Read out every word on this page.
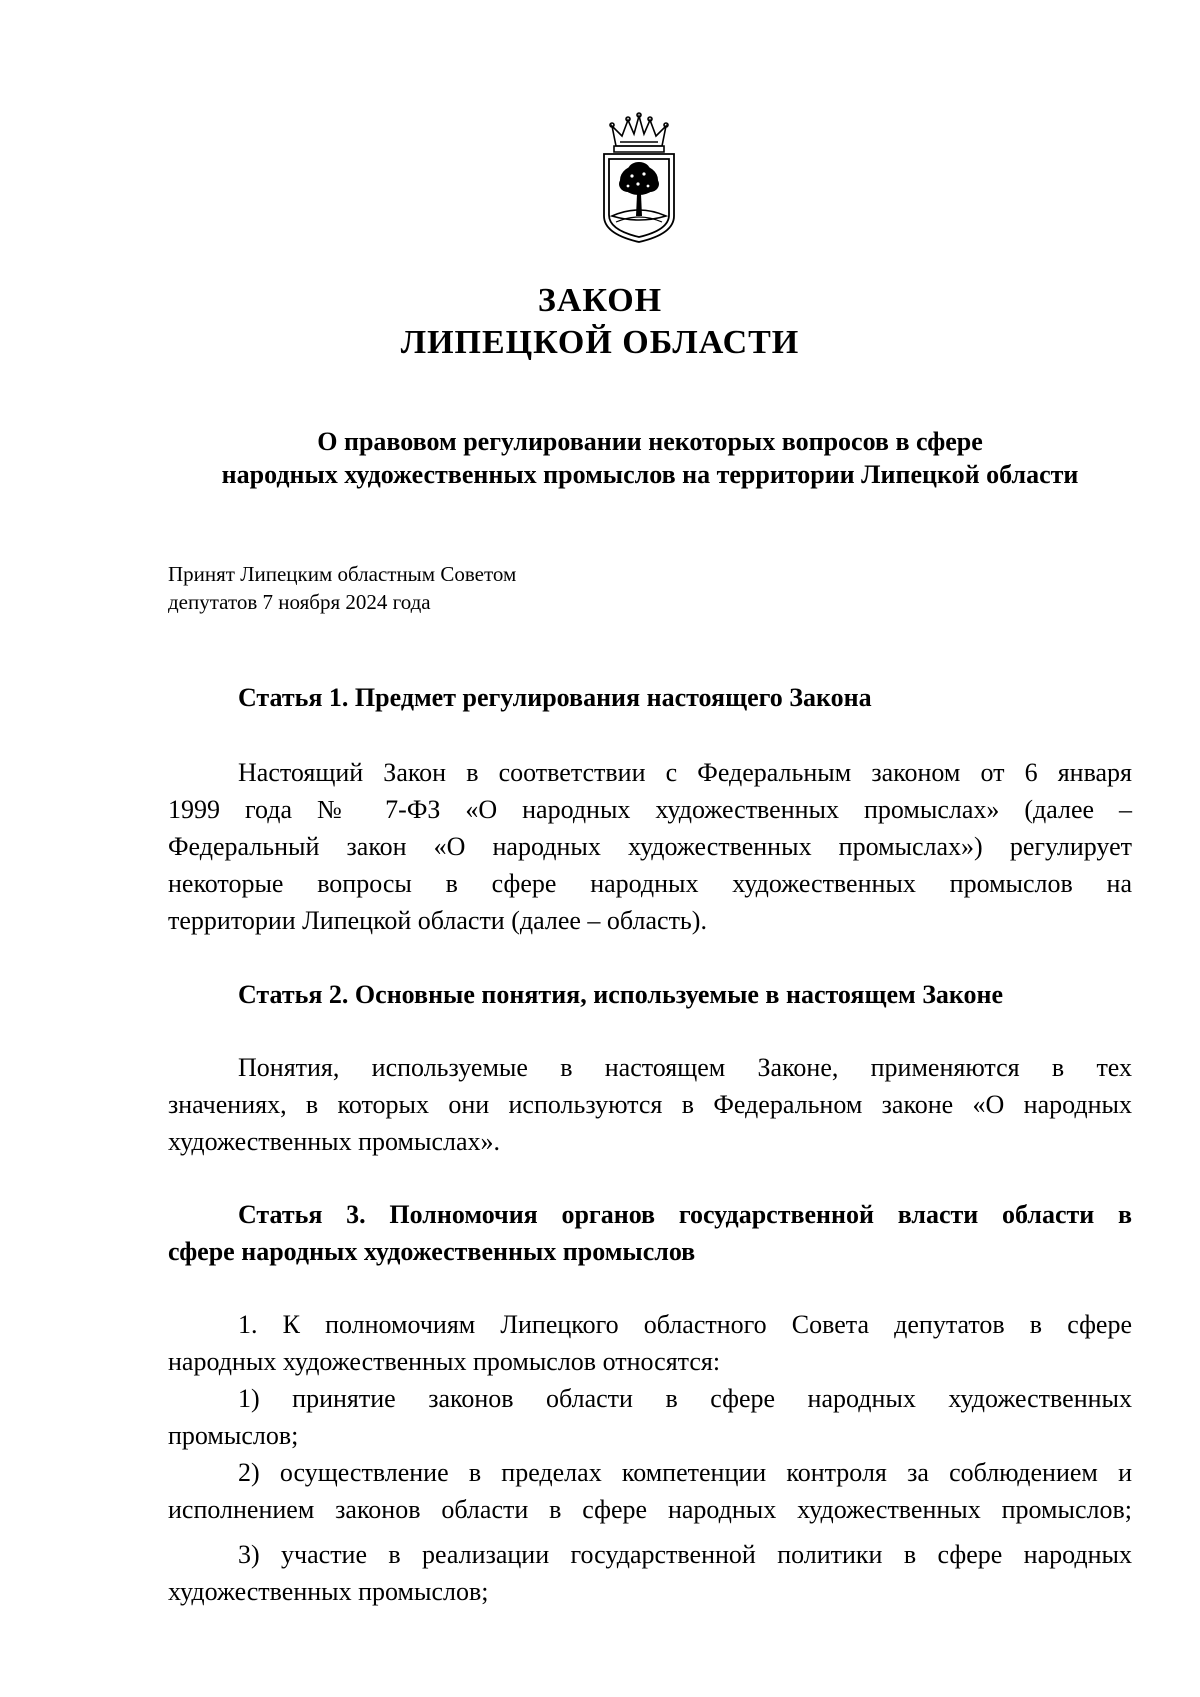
ЗАКОН
ЛИПЕЦКОЙ ОБЛАСТИ
О правовом регулировании некоторых вопросов в сфере
народных художественных промыслов на территории Липецкой области
Принят Липецким областным Советом
депутатов 7 ноября 2024 года
Статья 1. Предмет регулирования настоящего Закона
Настоящий Закон в соответствии с Федеральным законом от 6 января
1999 года № 7-ФЗ «О народных художественных промыслах» (далее –
Федеральный закон «О народных художественных промыслах») регулирует
некоторые вопросы в сфере народных художественных промыслов на
территории Липецкой области (далее – область).
Статья 2. Основные понятия, используемые в настоящем Законе
Понятия, используемые в настоящем Законе, применяются в тех
значениях, в которых они используются в Федеральном законе «О народных
художественных промыслах».
Статья 3. Полномочия органов государственной власти области в
сфере народных художественных промыслов
1. К полномочиям Липецкого областного Совета депутатов в сфере
народных художественных промыслов относятся:
1) принятие законов области в сфере народных художественных
промыслов;
2) осуществление в пределах компетенции контроля за соблюдением и
исполнением законов области в сфере народных художественных промыслов;
3) участие в реализации государственной политики в сфере народных
художественных промыслов;
